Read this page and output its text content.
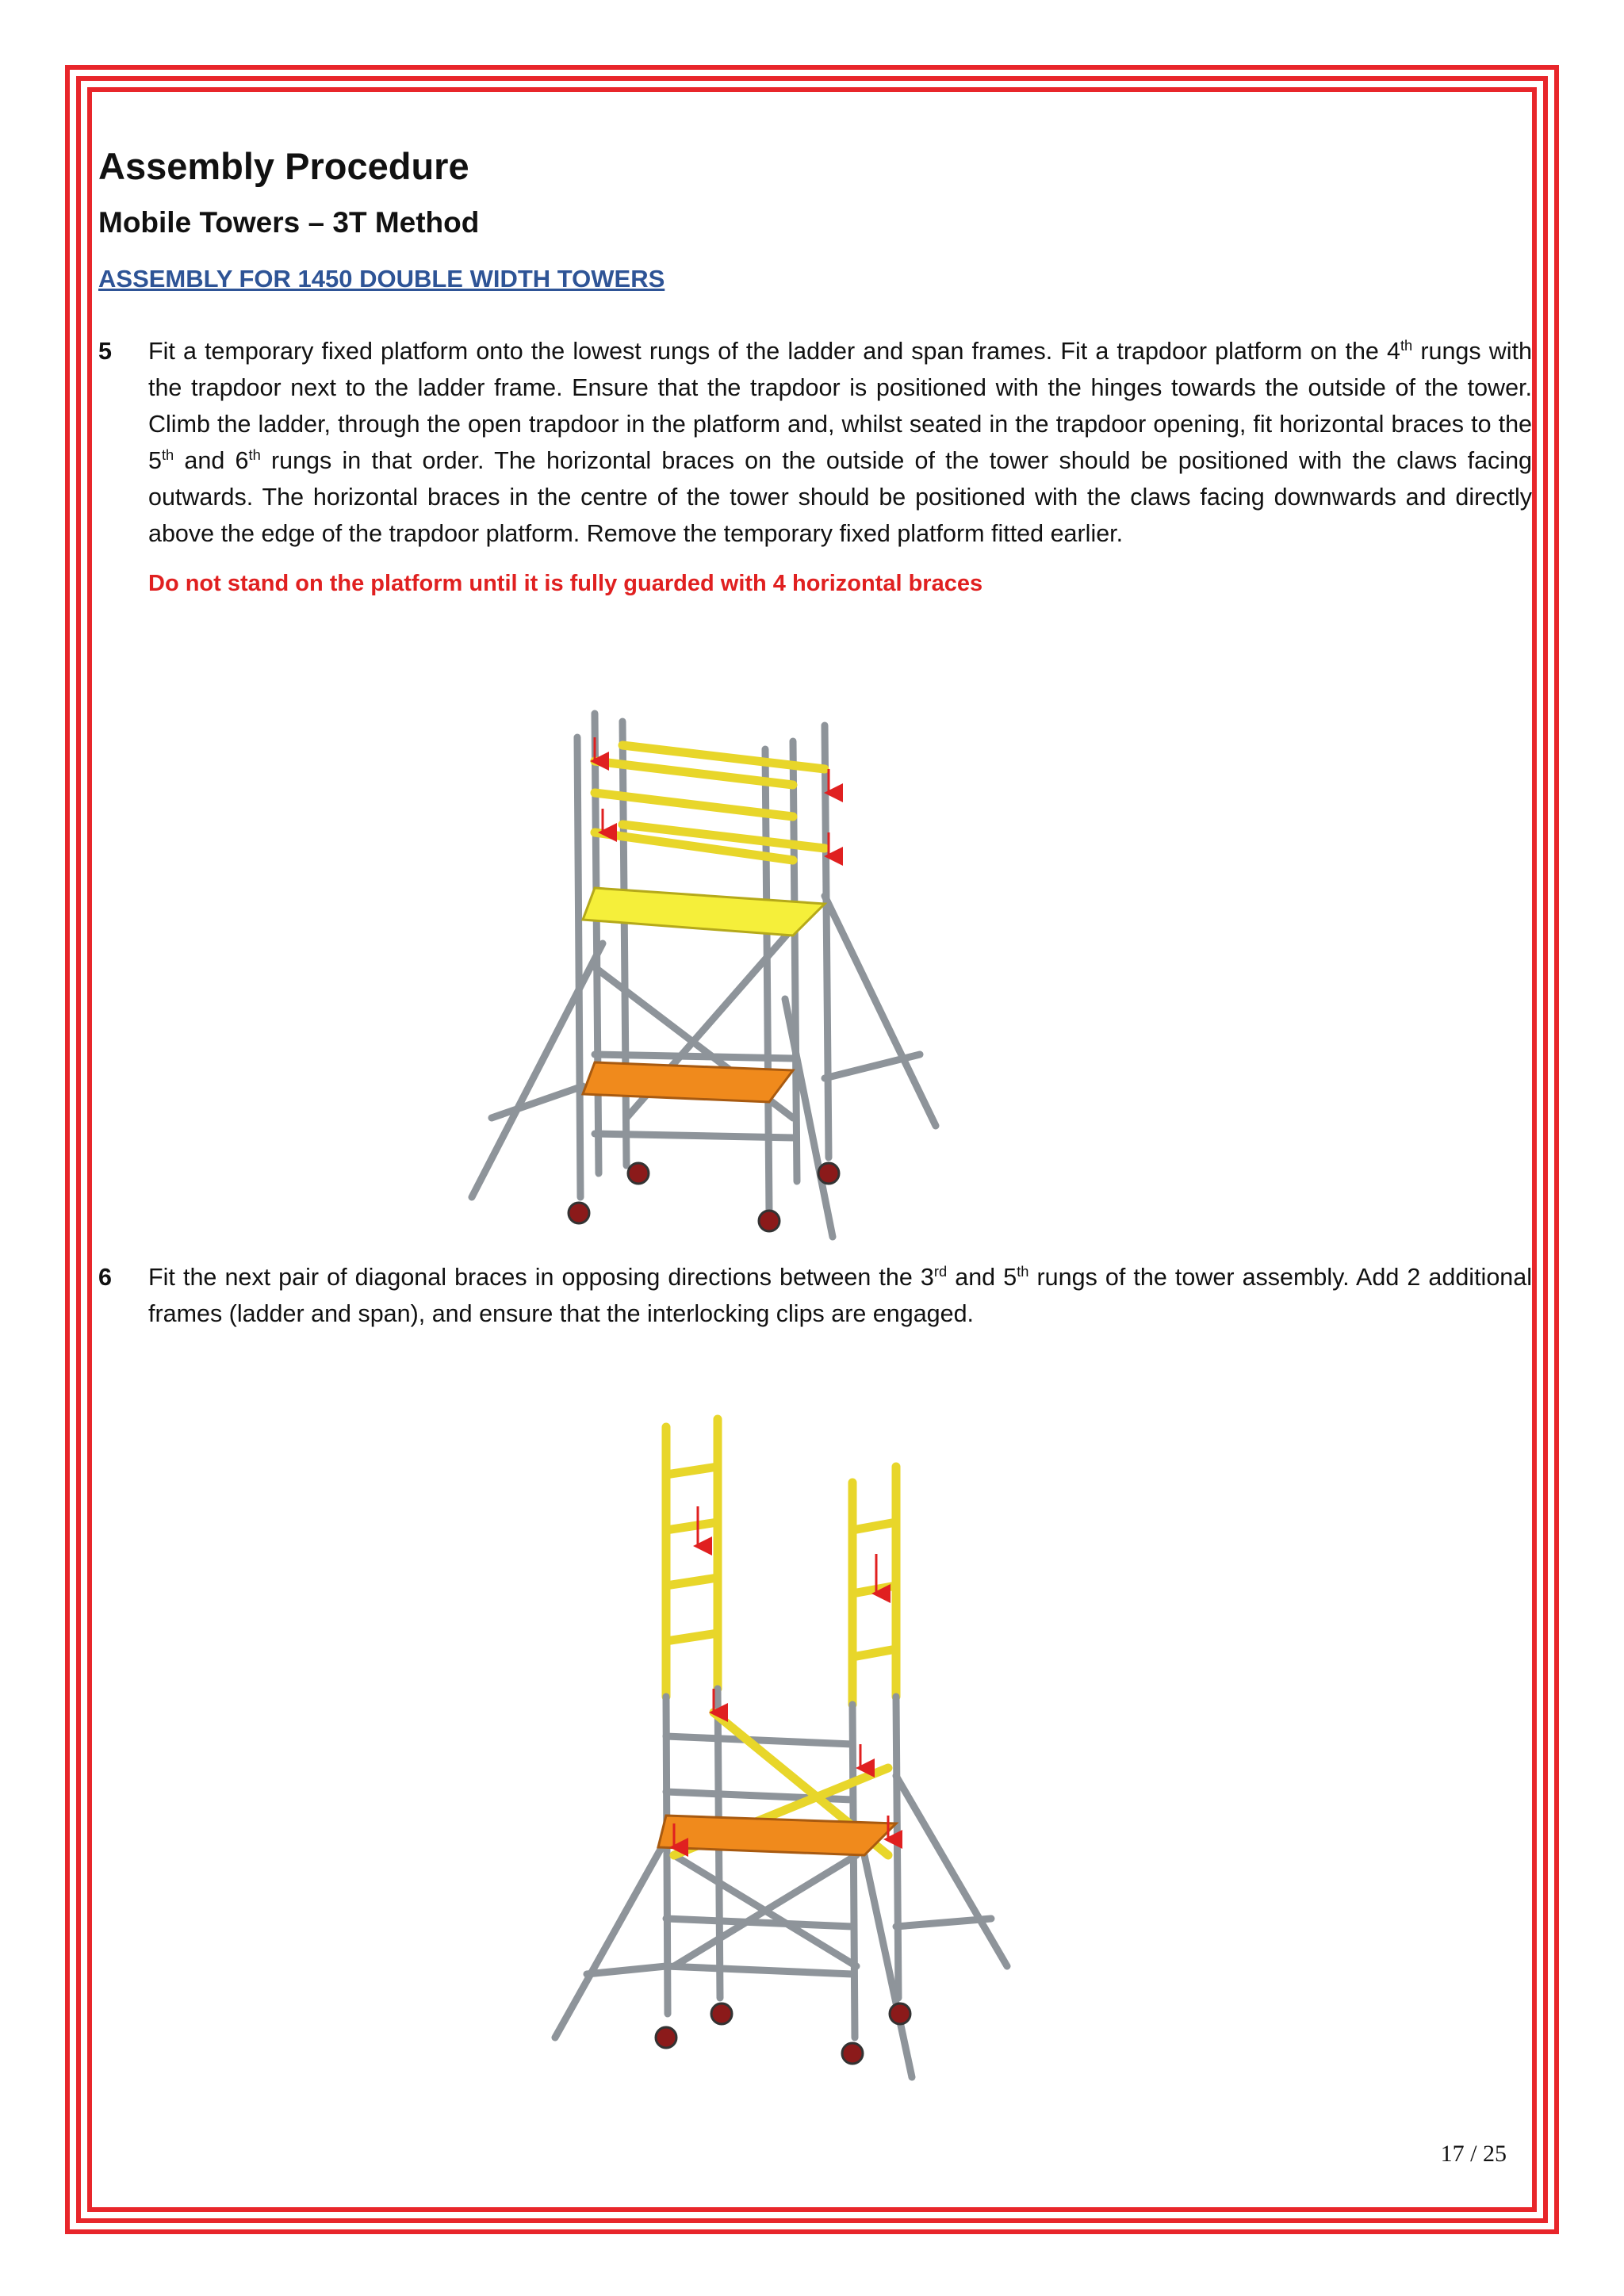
Assembly Procedure
Mobile Towers – 3T Method
ASSEMBLY FOR 1450 DOUBLE WIDTH TOWERS
5 Fit a temporary fixed platform onto the lowest rungs of the ladder and span frames. Fit a trapdoor platform on the 4th rungs with the trapdoor next to the ladder frame. Ensure that the trapdoor is positioned with the hinges towards the outside of the tower. Climb the ladder, through the open trapdoor in the platform and, whilst seated in the trapdoor opening, fit horizontal braces to the 5th and 6th rungs in that order. The horizontal braces on the outside of the tower should be positioned with the claws facing outwards. The horizontal braces in the centre of the tower should be positioned with the claws facing downwards and directly above the edge of the trapdoor platform. Remove the temporary fixed platform fitted earlier.

Do not stand on the platform until it is fully guarded with 4 horizontal braces
6 Fit the next pair of diagonal braces in opposing directions between the 3rd and 5th rungs of the tower assembly. Add 2 additional frames (ladder and span), and ensure that the interlocking clips are engaged.

17 / 25
